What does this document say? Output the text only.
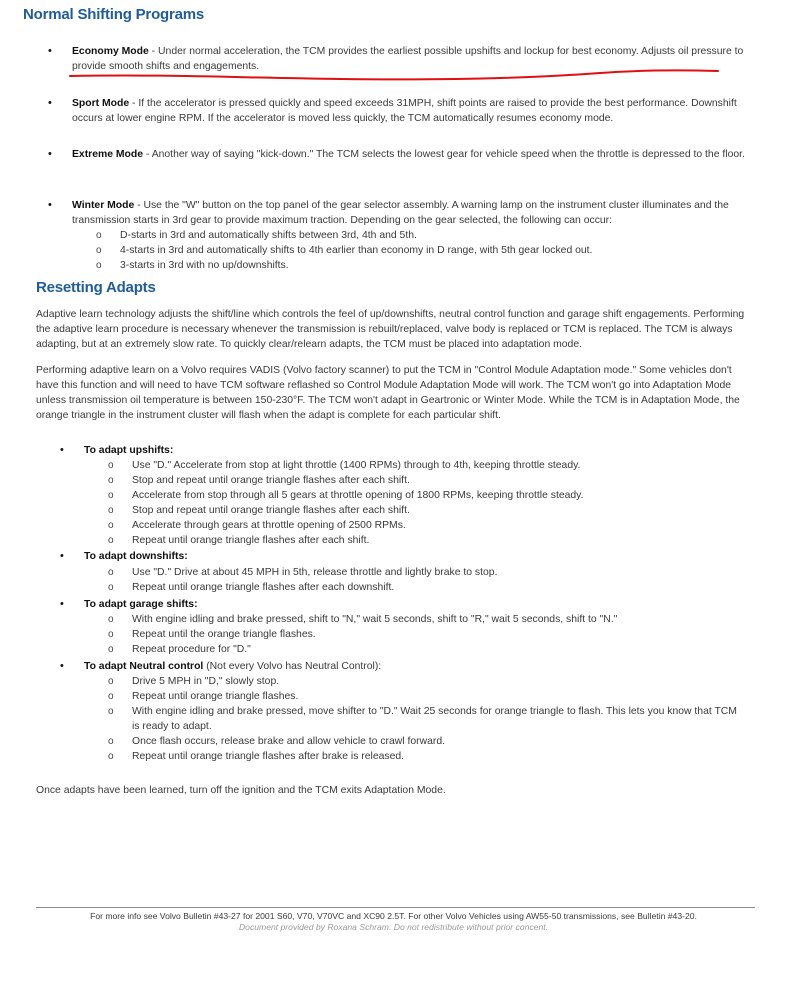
Normal Shifting Programs
• Economy Mode - Under normal acceleration, the TCM provides the earliest possible upshifts and lockup for best economy. Adjusts oil pressure to provide smooth shifts and engagements.
• Sport Mode - If the accelerator is pressed quickly and speed exceeds 31MPH, shift points are raised to provide the best performance. Downshift occurs at lower engine RPM. If the accelerator is moved less quickly, the TCM automatically resumes economy mode.
• Extreme Mode - Another way of saying "kick-down." The TCM selects the lowest gear for vehicle speed when the throttle is depressed to the floor.
• Winter Mode - Use the "W" button on the top panel of the gear selector assembly. A warning lamp on the instrument cluster illuminates and the transmission starts in 3rd gear to provide maximum traction. Depending on the gear selected, the following can occur:
o D-starts in 3rd and automatically shifts between 3rd, 4th and 5th.
o 4-starts in 3rd and automatically shifts to 4th earlier than economy in D range, with 5th gear locked out.
o 3-starts in 3rd with no up/downshifts.
Resetting Adapts
Adaptive learn technology adjusts the shift/line which controls the feel of up/downshifts, neutral control function and garage shift engagements. Performing the adaptive learn procedure is necessary whenever the transmission is rebuilt/replaced, valve body is replaced or TCM is replaced. The TCM is always adapting, but at an extremely slow rate. To quickly clear/relearn adapts, the TCM must be placed into adaptation mode.
Performing adaptive learn on a Volvo requires VADIS (Volvo factory scanner) to put the TCM in "Control Module Adaptation mode." Some vehicles don't have this function and will need to have TCM software reflashed so Control Module Adaptation Mode will work. The TCM won't go into Adaptation Mode unless transmission oil temperature is between 150-230°F. The TCM won't adapt in Geartronic or Winter Mode. While the TCM is in Adaptation Mode, the orange triangle in the instrument cluster will flash when the adapt is complete for each particular shift.
• To adapt upshifts:
o Use "D." Accelerate from stop at light throttle (1400 RPMs) through to 4th, keeping throttle steady.
o Stop and repeat until orange triangle flashes after each shift.
o Accelerate from stop through all 5 gears at throttle opening of 1800 RPMs, keeping throttle steady.
o Stop and repeat until orange triangle flashes after each shift.
o Accelerate through gears at throttle opening of 2500 RPMs.
o Repeat until orange triangle flashes after each shift.
• To adapt downshifts:
o Use "D." Drive at about 45 MPH in 5th, release throttle and lightly brake to stop.
o Repeat until orange triangle flashes after each downshift.
• To adapt garage shifts:
o With engine idling and brake pressed, shift to "N," wait 5 seconds, shift to "R," wait 5 seconds, shift to "N."
o Repeat until the orange triangle flashes.
o Repeat procedure for "D."
• To adapt Neutral control (Not every Volvo has Neutral Control):
o Drive 5 MPH in "D," slowly stop.
o Repeat until orange triangle flashes.
o With engine idling and brake pressed, move shifter to "D." Wait 25 seconds for orange triangle to flash. This lets you know that TCM is ready to adapt.
o Once flash occurs, release brake and allow vehicle to crawl forward.
o Repeat until orange triangle flashes after brake is released.
Once adapts have been learned, turn off the ignition and the TCM exits Adaptation Mode.
For more info see Volvo Bulletin #43-27 for 2001 S60, V70, V70VC and XC90 2.5T. For other Volvo Vehicles using AW55-50 transmissions, see Bulletin #43-20.
Document provided by Roxana Schram. Do not redistribute without prior concent.
